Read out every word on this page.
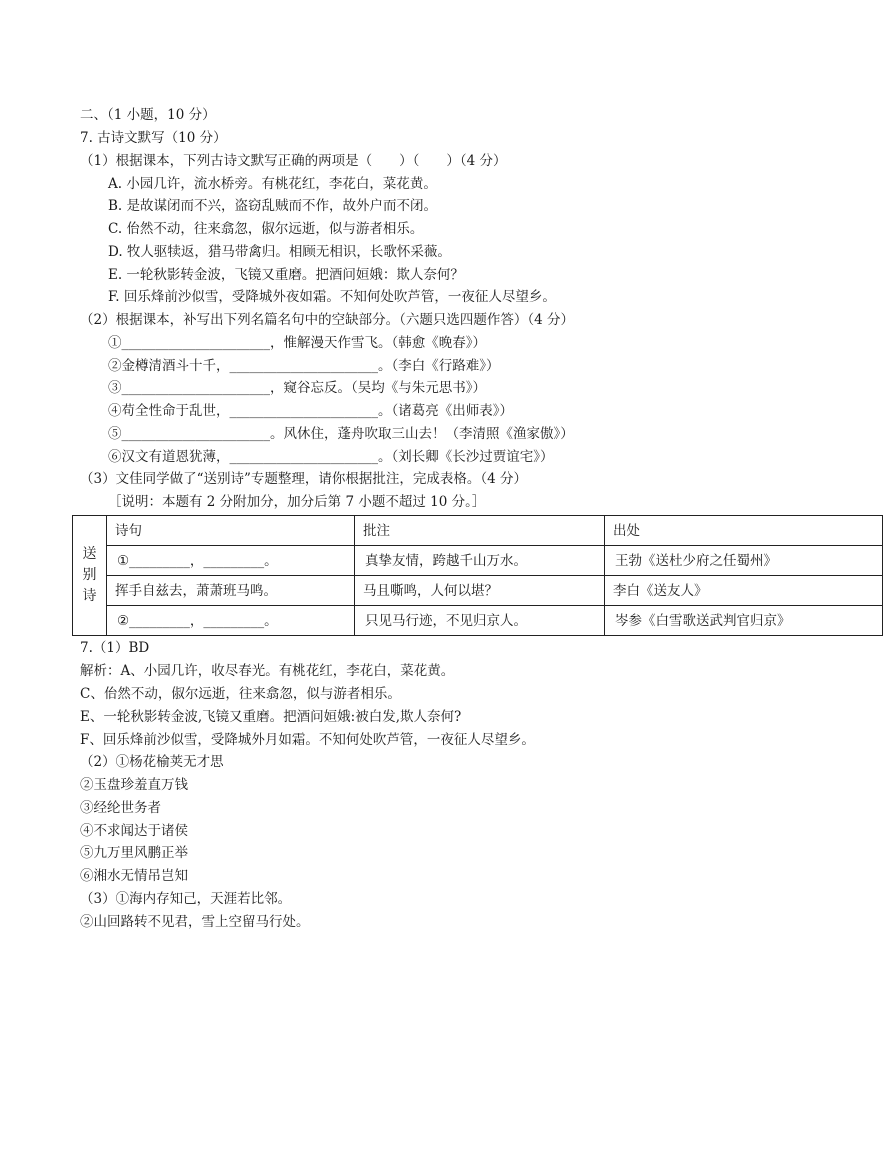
二、（1 小题，10 分）
7. 古诗文默写（10 分）
（1）根据课本，下列古诗文默写正确的两项是（　　）（　　）（4 分）
A. 小园几许，流水桥旁。有桃花红，李花白，菜花黄。
B. 是故谋闭而不兴，盗窃乱贼而不作，故外户而不闭。
C. 佁然不动，往来翕忽，俶尔远逝，似与游者相乐。
D. 牧人驱犊返，猎马带禽归。相顾无相识，长歌怀采薇。
E. 一轮秋影转金波，飞镜又重磨。把酒问姮娥：欺人奈何？
F. 回乐烽前沙似雪，受降城外夜如霜。不知何处吹芦管，一夜征人尽望乡。
（2）根据课本，补写出下列名篇名句中的空缺部分。（六题只选四题作答）（4 分）
①______________________，惟解漫天作雪飞。（韩愈《晚春》）
②金樽清酒斗十千，______________________。（李白《行路难》）
③______________________，窥谷忘反。（吴均《与朱元思书》）
④苟全性命于乱世，______________________。（诸葛亮《出师表》）
⑤______________________。风休住，蓬舟吹取三山去！（李清照《渔家傲》）
⑥汉文有道恩犹薄，______________________。（刘长卿《长沙过贾谊宅》）
（3）文佳同学做了“送别诗”专题整理，请你根据批注，完成表格。（4 分）
［说明：本题有 2 分附加分，加分后第 7 小题不超过 10 分。］
送
别
诗	诗句	批注	出处
	①_________，_________。	真挚友情，跨越千山万水。	王勃《送杜少府之任蜀州》
	挥手自兹去，萧萧班马鸣。	马且嘶鸣，人何以堪？	李白《送友人》
	②_________，_________。	只见马行迹，不见归京人。	岑参《白雪歌送武判官归京》
7.（1）BD
解析：A、小园几许，收尽春光。有桃花红，李花白，菜花黄。
C、佁然不动，俶尔远逝，往来翕忽，似与游者相乐。
E、一轮秋影转金波,飞镜又重磨。把酒问姮娥:被白发,欺人奈何?
F、回乐烽前沙似雪，受降城外月如霜。不知何处吹芦管，一夜征人尽望乡。
（2）①杨花榆荚无才思
②玉盘珍羞直万钱
③经纶世务者
④不求闻达于诸侯
⑤九万里风鹏正举
⑥湘水无情吊岂知
（3）①海内存知己，天涯若比邻。
②山回路转不见君，雪上空留马行处。
